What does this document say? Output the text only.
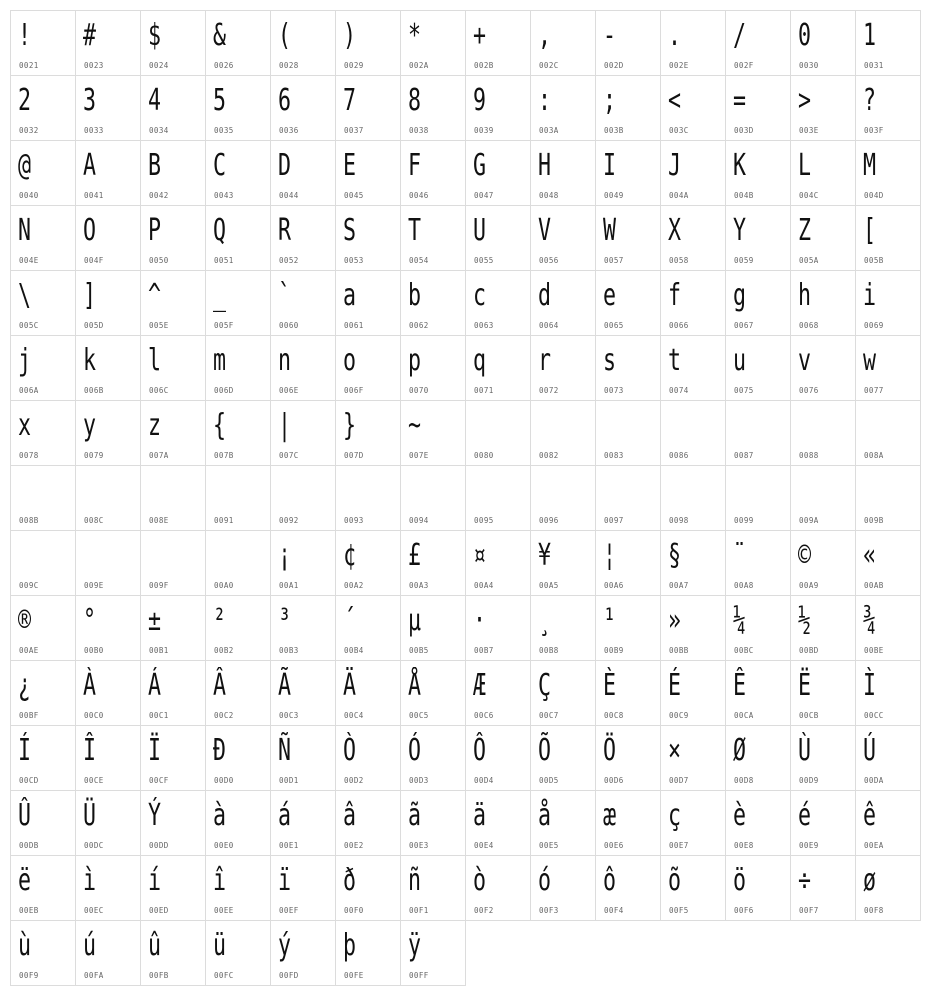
!
0021
#
0023
$
0024
&
0026
(
0028
)
0029
*
002A
+
002B
,
002C
-
002D
.
002E
/
002F
0
0030
1
0031
2
0032
3
0033
4
0034
5
0035
6
0036
7
0037
8
0038
9
0039
:
003A
;
003B
<
003C
=
003D
>
003E
?
003F
@
0040
A
0041
B
0042
C
0043
D
0044
E
0045
F
0046
G
0047
H
0048
I
0049
J
004A
K
004B
L
004C
M
004D
N
004E
O
004F
P
0050
Q
0051
R
0052
S
0053
T
0054
U
0055
V
0056
W
0057
X
0058
Y
0059
Z
005A
[
005B
\
005C
]
005D
^
005E
_
005F
`
0060
a
0061
b
0062
c
0063
d
0064
e
0065
f
0066
g
0067
h
0068
i
0069
j
006A
k
006B
l
006C
m
006D
n
006E
o
006F
p
0070
q
0071
r
0072
s
0073
t
0074
u
0075
v
0076
w
0077
x
0078
y
0079
z
007A
{
007B
|
007C
}
007D
~
007E	0080	0082	0083	0086	0087	0088	008A
008B	008C	008E	0091	0092	0093	0094	0095	0096	0097	0098	0099	009A	009B
009C	009E	009F	00A0
¡
00A1
¢
00A2
£
00A3
¤
00A4
¥
00A5
¦
00A6
§
00A7
¨
00A8
©
00A9
«
00AB
®
00AE
°
00B0
±
00B1
²
00B2
³
00B3
´
00B4
µ
00B5
·
00B7
¸
00B8
¹
00B9
»
00BB
¼
00BC
½
00BD
¾
00BE
¿
00BF
À
00C0
Á
00C1
Â
00C2
Ã
00C3
Ä
00C4
Å
00C5
Æ
00C6
Ç
00C7
È
00C8
É
00C9
Ê
00CA
Ë
00CB
Ì
00CC
Í
00CD
Î
00CE
Ï
00CF
Ð
00D0
Ñ
00D1
Ò
00D2
Ó
00D3
Ô
00D4
Õ
00D5
Ö
00D6
×
00D7
Ø
00D8
Ù
00D9
Ú
00DA
Û
00DB
Ü
00DC
Ý
00DD
à
00E0
á
00E1
â
00E2
ã
00E3
ä
00E4
å
00E5
æ
00E6
ç
00E7
è
00E8
é
00E9
ê
00EA
ë
00EB
ì
00EC
í
00ED
î
00EE
ï
00EF
ð
00F0
ñ
00F1
ò
00F2
ó
00F3
ô
00F4
õ
00F5
ö
00F6
÷
00F7
ø
00F8
ù
00F9
ú
00FA
û
00FB
ü
00FC
ý
00FD
þ
00FE
ÿ
00FF
